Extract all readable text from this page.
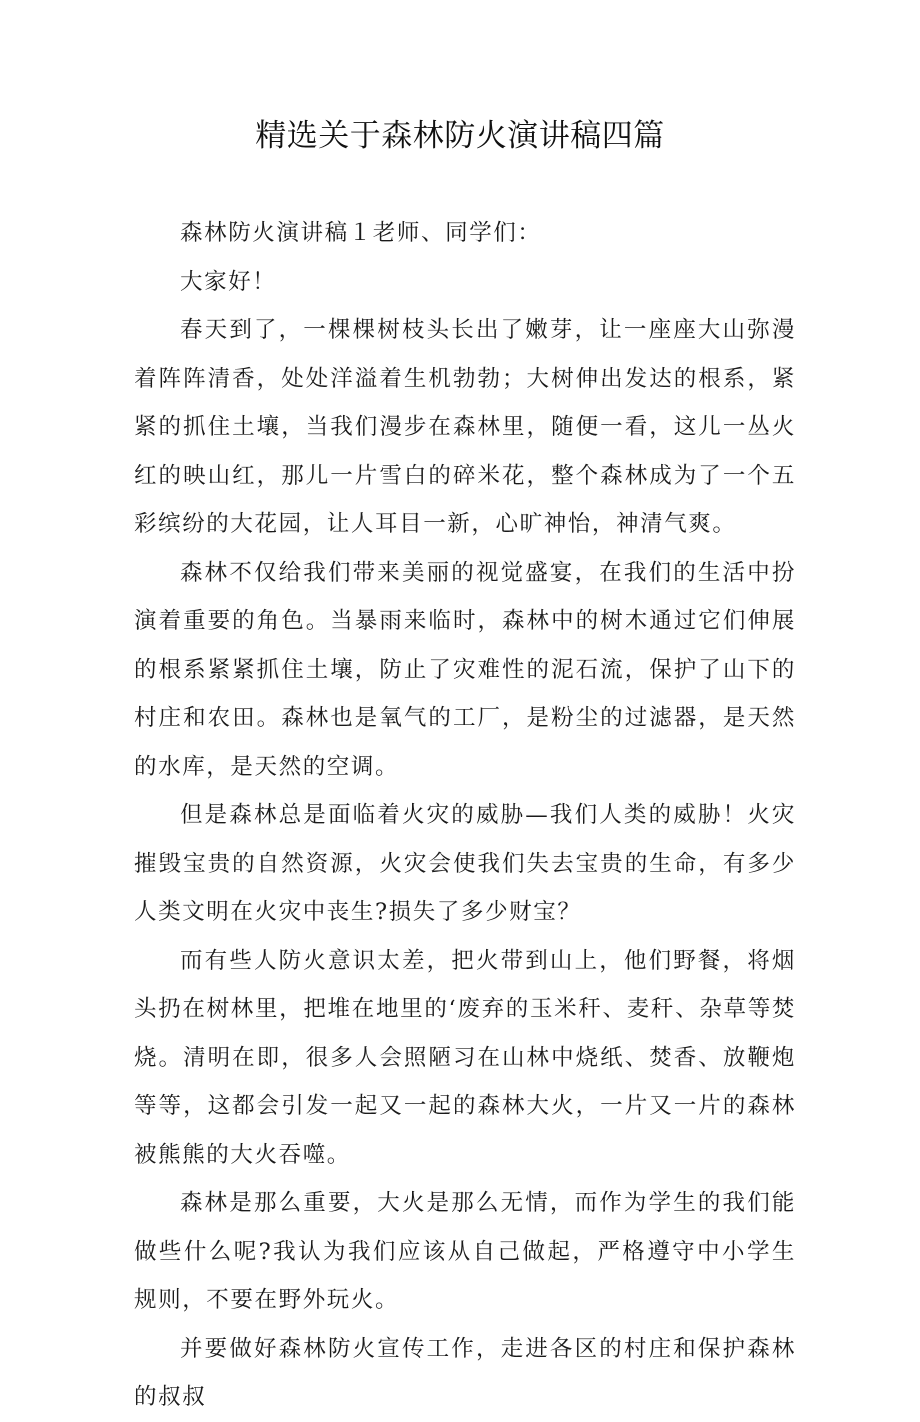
精选关于森林防火演讲稿四篇

森林防火演讲稿１老师、同学们：

大家好！

春天到了，一棵棵树枝头长出了嫩芽，让一座座大山弥漫着阵阵清香，处处洋溢着生机勃勃；大树伸出发达的根系，紧紧的抓住土壤，当我们漫步在森林里，随便一看，这儿一丛火红的映山红，那儿一片雪白的碎米花，整个森林成为了一个五彩缤纷的大花园，让人耳目一新，心旷神怡，神清气爽。

森林不仅给我们带来美丽的视觉盛宴，在我们的生活中扮演着重要的角色。当暴雨来临时，森林中的树木通过它们伸展的根系紧紧抓住土壤，防止了灾难性的泥石流，保护了山下的村庄和农田。森林也是氧气的工厂，是粉尘的过滤器，是天然的水库，是天然的空调。

但是森林总是面临着火灾的威胁—我们人类的威胁！火灾摧毁宝贵的自然资源，火灾会使我们失去宝贵的生命，有多少人类文明在火灾中丧生?损失了多少财宝？

而有些人防火意识太差，把火带到山上，他们野餐，将烟头扔在树林里，把堆在地里的‘废弃的玉米秆、麦秆、杂草等焚烧。清明在即，很多人会照陋习在山林中烧纸、焚香、放鞭炮等等，这都会引发一起又一起的森林大火，一片又一片的森林被熊熊的大火吞噬。

森林是那么重要，大火是那么无情，而作为学生的我们能做些什么呢?我认为我们应该从自己做起，严格遵守中小学生规则，不要在野外玩火。

并要做好森林防火宣传工作，走进各区的村庄和保护森林的叔叔
